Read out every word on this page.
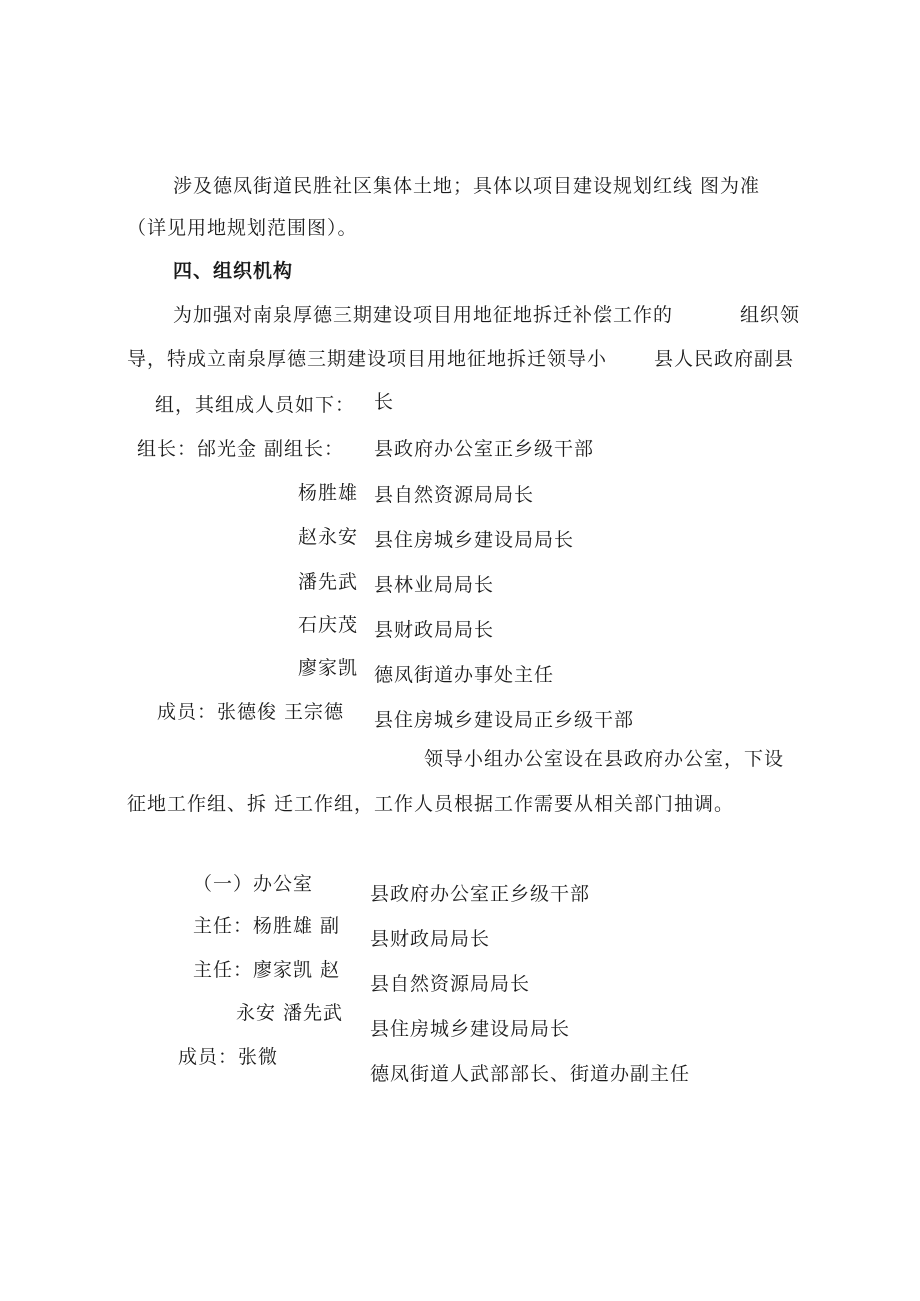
涉及德凤街道民胜社区集体土地；具体以项目建设规划红线 图为准
（详见用地规划范围图）。
四、组织机构
为加强对南泉厚德三期建设项目用地征地拆迁补偿工作的	组织领
导，特成立南泉厚德三期建设项目用地征地拆迁领导小 县人民政府副县
组，其组成人员如下： 长
组长：邰光金 副组长：
杨胜雄
赵永安
潘先武
石庆茂
廖家凯
成员：张德俊 王宗德
县政府办公室正乡级干部
县自然资源局局长
县住房城乡建设局局长
县林业局局长
县财政局局长
德凤街道办事处主任
县住房城乡建设局正乡级干部
领导小组办公室设在县政府办公室，下设
征地工作组、拆 迁工作组，工作人员根据工作需要从相关部门抽调。
（一）办公室
主任：杨胜雄 副
主任：廖家凯 赵
永安 潘先武
成员：张微
县政府办公室正乡级干部
县财政局局长
县自然资源局局长
县住房城乡建设局局长
德凤街道人武部部长、街道办副主任
